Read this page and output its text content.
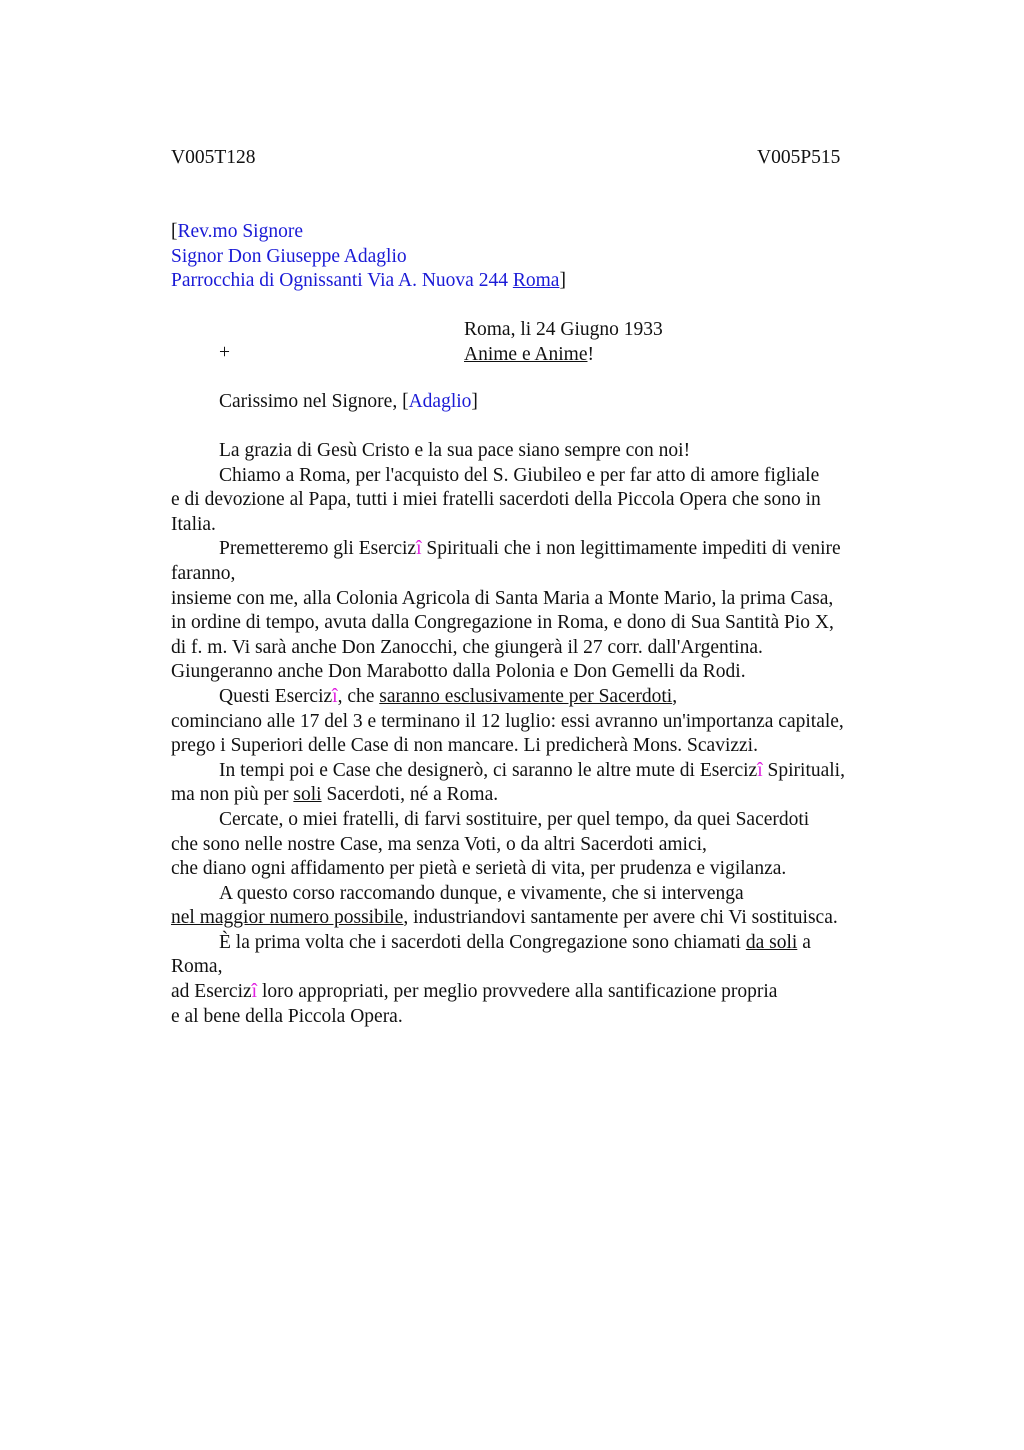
V005T128	V005P515
[Rev.mo Signore
Signor Don Giuseppe Adaglio
Parrocchia di Ognissanti Via A. Nuova 244 Roma]
Roma, li 24 Giugno 1933
Anime e Anime!
+
Carissimo nel Signore, [Adaglio]
La grazia di Gesù Cristo e la sua pace siano sempre con noi!
Chiamo a Roma, per l'acquisto del S. Giubileo e per far atto di amore figliale
e di devozione al Papa, tutti i miei fratelli sacerdoti della Piccola Opera che sono in
Italia.
Premetteremo gli Esercizî Spirituali che i non legittimamente impediti di venire
faranno,
insieme con me, alla Colonia Agricola di Santa Maria a Monte Mario, la prima Casa,
in ordine di tempo, avuta dalla Congregazione in Roma, e dono di Sua Santità Pio X,
di f. m. Vi sarà anche Don Zanocchi, che giungerà il 27 corr. dall'Argentina.
Giungeranno anche Don Marabotto dalla Polonia e Don Gemelli da Rodi.
Questi Esercizî, che saranno esclusivamente per Sacerdoti,
cominciano alle 17 del 3 e terminano il 12 luglio: essi avranno un'importanza capitale,
prego i Superiori delle Case di non mancare. Li predicherà Mons. Scavizzi.
In tempi poi e Case che designerò, ci saranno le altre mute di Esercizî Spirituali,
ma non più per soli Sacerdoti, né a Roma.
Cercate, o miei fratelli, di farvi sostituire, per quel tempo, da quei Sacerdoti
che sono nelle nostre Case, ma senza Voti, o da altri Sacerdoti amici,
che diano ogni affidamento per pietà e serietà di vita, per prudenza e vigilanza.
A questo corso raccomando dunque, e vivamente, che si intervenga
nel maggior numero possibile, industriandovi santamente per avere chi Vi sostituisca.
È la prima volta che i sacerdoti della Congregazione sono chiamati da soli a
Roma,
ad Esercizî loro appropriati, per meglio provvedere alla santificazione propria
e al bene della Piccola Opera.
